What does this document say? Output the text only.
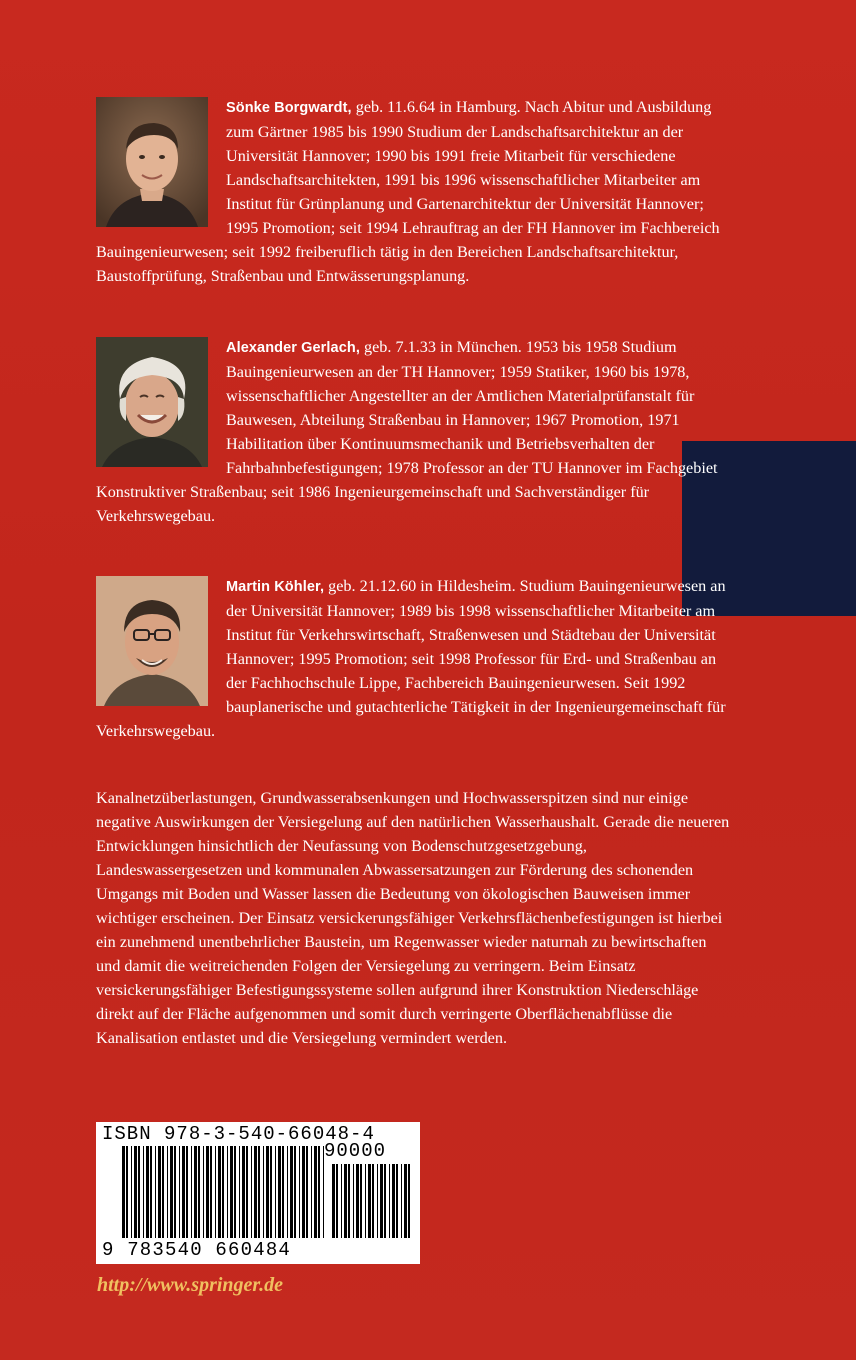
Sönke Borgwardt, geb. 11.6.64 in Hamburg. Nach Abitur und Ausbildung zum Gärtner 1985 bis 1990 Studium der Landschaftsarchitektur an der Universität Hannover; 1990 bis 1991 freie Mitarbeit für verschiedene Landschaftsarchitekten, 1991 bis 1996 wissenschaftlicher Mitarbeiter am Institut für Grünplanung und Gartenarchitektur der Universität Hannover; 1995 Promotion; seit 1994 Lehrauftrag an der FH Hannover im Fachbereich Bauingenieurwesen; seit 1992 freiberuflich tätig in den Bereichen Landschaftsarchitektur, Baustoffprüfung, Straßenbau und Entwässerungsplanung.

Alexander Gerlach, geb. 7.1.33 in München. 1953 bis 1958 Studium Bauingenieurwesen an der TH Hannover; 1959 Statiker, 1960 bis 1978, wissenschaftlicher Angestellter an der Amtlichen Materialprüfanstalt für Bauwesen, Abteilung Straßenbau in Hannover; 1967 Promotion, 1971 Habilitation über Kontinuumsmechanik und Betriebsverhalten der Fahrbahnbefestigungen; 1978 Professor an der TU Hannover im Fachgebiet Konstruktiver Straßenbau; seit 1986 Ingenieurgemeinschaft und Sachverständiger für Verkehrswegebau.

Martin Köhler, geb. 21.12.60 in Hildesheim. Studium Bauingenieurwesen an der Universität Hannover; 1989 bis 1998 wissenschaftlicher Mitarbeiter am Institut für Verkehrswirtschaft, Straßenwesen und Städtebau der Universität Hannover; 1995 Promotion; seit 1998 Professor für Erd- und Straßenbau an der Fachhochschule Lippe, Fachbereich Bauingenieurwesen. Seit 1992 bauplanerische und gutachterliche Tätigkeit in der Ingenieurgemeinschaft für Verkehrswegebau.

Kanalnetzüberlastungen, Grundwasserabsenkungen und Hochwasserspitzen sind nur einige negative Auswirkungen der Versiegelung auf den natürlichen Wasserhaushalt. Gerade die neueren Entwicklungen hinsichtlich der Neufassung von Bodenschutzgesetzgebung, Landeswassergesetzen und kommunalen Abwassersatzungen zur Förderung des schonenden Umgangs mit Boden und Wasser lassen die Bedeutung von ökologischen Bauweisen immer wichtiger erscheinen. Der Einsatz versickerungsfähiger Verkehrsflächenbefestigungen ist hierbei ein zunehmend unentbehrlicher Baustein, um Regenwasser wieder naturnah zu bewirtschaften und damit die weitreichenden Folgen der Versiegelung zu verringern. Beim Einsatz versickerungsfähiger Befestigungssysteme sollen aufgrund ihrer Konstruktion Niederschläge direkt auf der Fläche aufgenommen und somit durch verringerte Oberflächenabflüsse die Kanalisation entlastet und die Versiegelung vermindert werden.

ISBN 978-3-540-66048-4
90000
9 783540 660484
http://www.springer.de
